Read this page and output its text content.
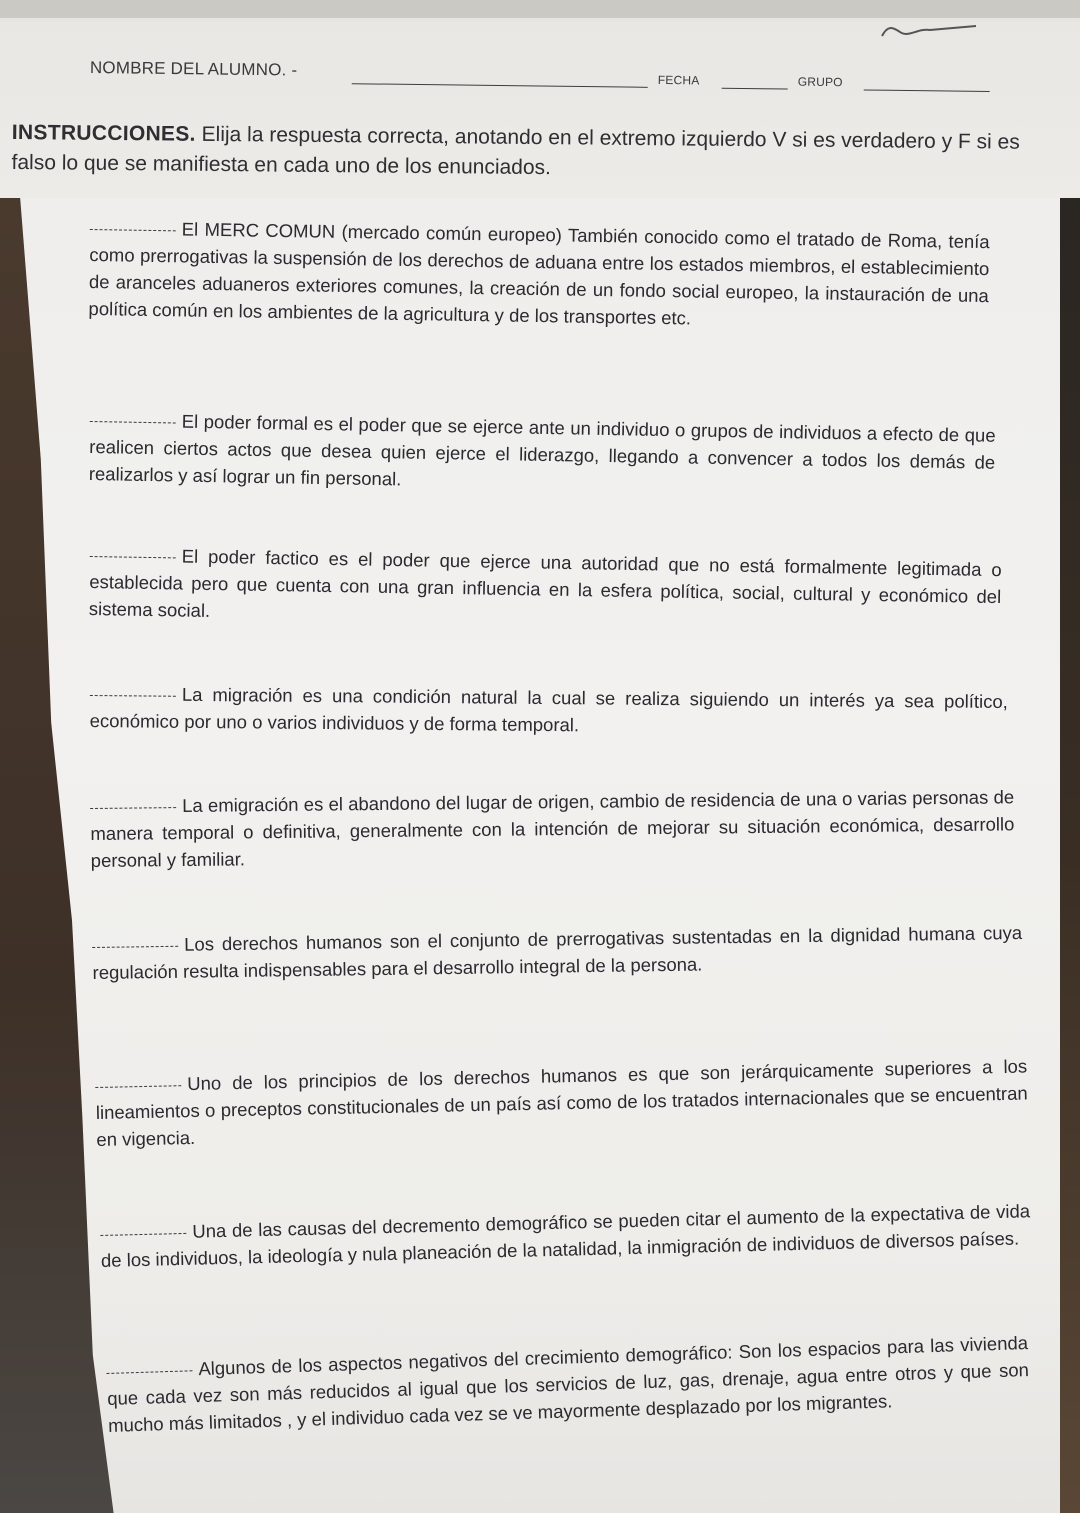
NOMBRE DEL ALUMNO. -
FECHA	GRUPO
INSTRUCCIONES. Elija la respuesta correcta, anotando en el extremo izquierdo V si es verdadero y F si es falso lo que se manifiesta en cada uno de los enunciados.
El MERC COMUN (mercado común europeo) También conocido como el tratado de Roma, tenía como prerrogativas la suspensión de los derechos de aduana entre los estados miembros, el establecimiento de aranceles aduaneros exteriores comunes, la creación de un fondo social europeo, la instauración de una política común en los ambientes de la agricultura y de los transportes etc.
El poder formal es el poder que se ejerce ante un individuo o grupos de individuos a efecto de que realicen ciertos actos que desea quien ejerce el liderazgo, llegando a convencer a todos los demás de realizarlos y así lograr un fin personal.
El poder factico es el poder que ejerce una autoridad que no está formalmente legitimada o establecida pero que cuenta con una gran influencia en la esfera política, social, cultural y económico del sistema social.
La migración es una condición natural la cual se realiza siguiendo un interés ya sea político, económico por uno o varios individuos y de forma temporal.
La emigración es el abandono del lugar de origen, cambio de residencia de una o varias personas de manera temporal o definitiva, generalmente con la intención de mejorar su situación económica, desarrollo personal y familiar.
Los derechos humanos son el conjunto de prerrogativas sustentadas en la dignidad humana cuya regulación resulta indispensables para el desarrollo integral de la persona.
Uno de los principios de los derechos humanos es que son jerárquicamente superiores a los lineamientos o preceptos constitucionales de un país así como de los tratados internacionales que se encuentran en vigencia.
Una de las causas del decremento demográfico se pueden citar el aumento de la expectativa de vida de los individuos, la ideología y nula planeación de la natalidad, la inmigración de individuos de diversos países.
Algunos de los aspectos negativos del crecimiento demográfico: Son los espacios para las vivienda que cada vez son más reducidos al igual que los servicios de luz, gas, drenaje, agua entre otros y que son mucho más limitados , y el individuo cada vez se ve mayormente desplazado por los migrantes.
